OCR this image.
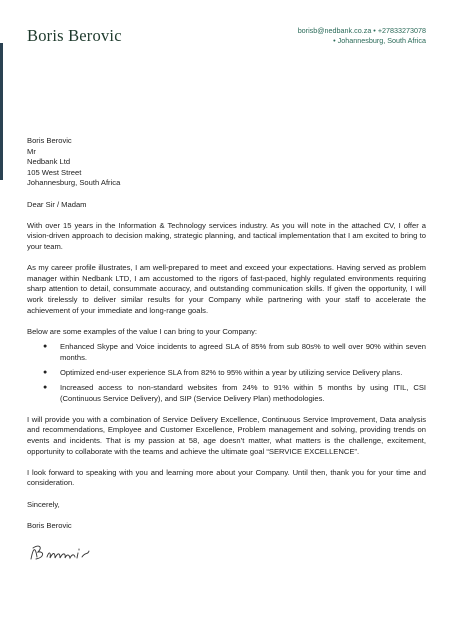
Boris Berovic	borisb@nedbank.co.za • +27833273078
• Johannesburg, South Africa
Boris Berovic
Mr
Nedbank Ltd
105 West Street
Johannesburg, South Africa

Dear Sir / Madam

With over 15 years in the Information & Technology services industry. As you will note in the attached CV, I offer a vision-driven approach to decision making, strategic planning, and tactical implementation that I am excited to bring to your team.

As my career profile illustrates, I am well-prepared to meet and exceed your expectations. Having served as problem manager within Nedbank LTD, I am accustomed to the rigors of fast-paced, highly regulated environments requiring sharp attention to detail, consummate accuracy, and outstanding communication skills. If given the opportunity, I will work tirelessly to deliver similar results for your Company while partnering with your staff to accelerate the achievement of your immediate and long-range goals.

Below are some examples of the value I can bring to your Company:

● Enhanced Skype and Voice incidents to agreed SLA of 85% from sub 80s% to well over 90% within seven months.
● Optimized end-user experience SLA from 82% to 95% within a year by utilizing service Delivery plans.
● Increased access to non-standard websites from 24% to 91% within 5 months by using ITIL, CSI (Continuous Service Delivery), and SIP (Service Delivery Plan) methodologies.

I will provide you with a combination of Service Delivery Excellence, Continuous Service Improvement, Data analysis and recommendations, Employee and Customer Excellence, Problem management and solving, providing trends on events and incidents. That is my passion at 58, age doesn’t matter, what matters is the challenge, excitement, opportunity to collaborate with the teams and achieve the ultimate goal “SERVICE EXCELLENCE”.

I look forward to speaking with you and learning more about your Company. Until then, thank you for your time and consideration.

Sincerely,

Boris Berovic
